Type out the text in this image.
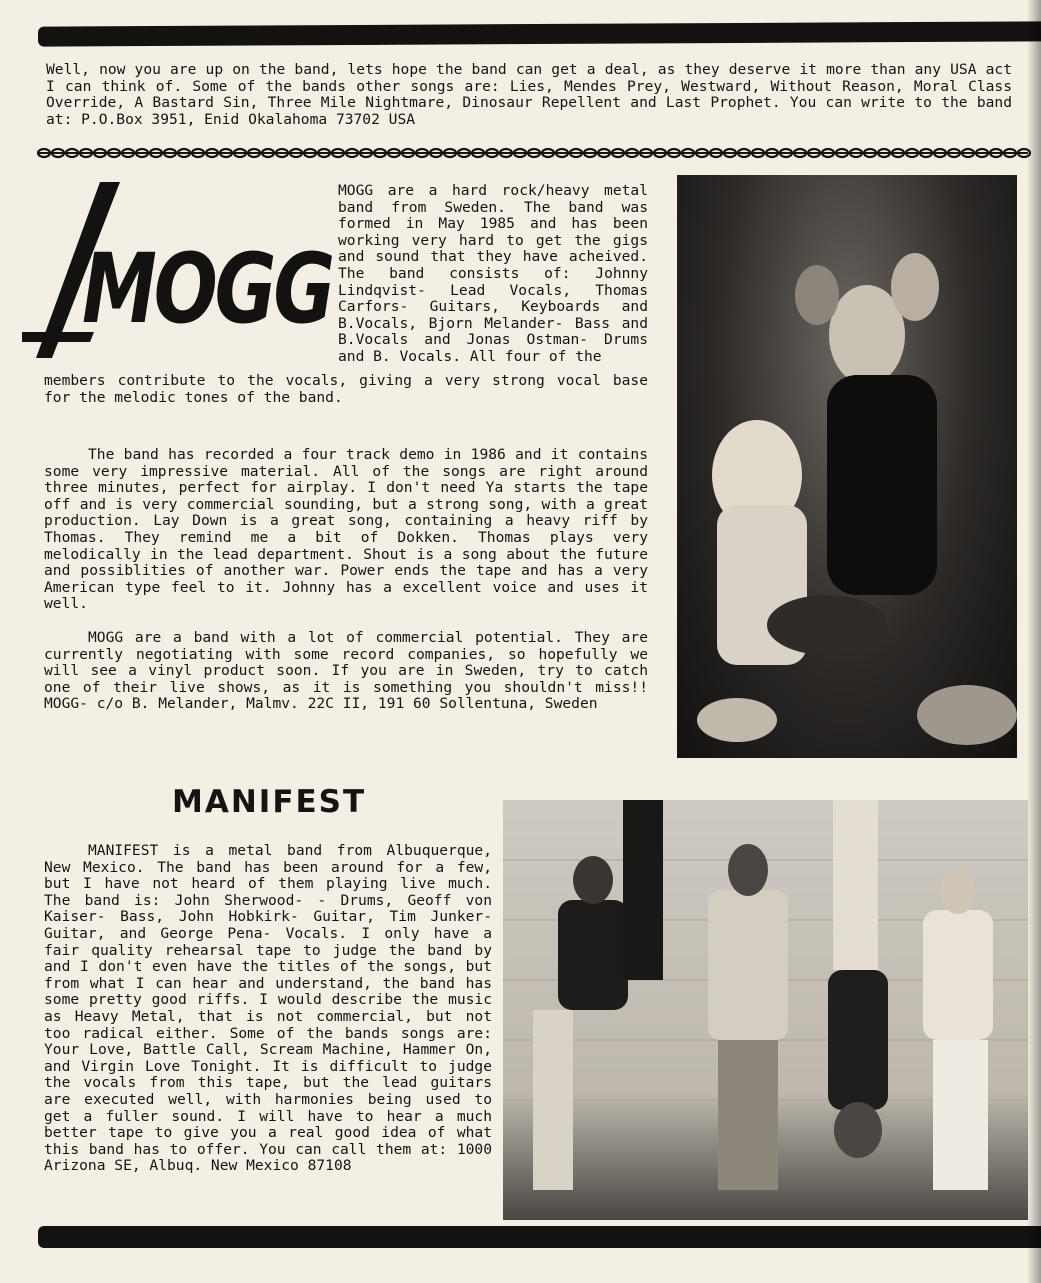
Well, now you are up on the band, lets hope the band can get a deal, as they deserve it more than any USA act I can think of. Some of the bands other songs are: Lies, Mendes Prey, Westward, Without Reason, Moral Class Override, A Bastard Sin, Three Mile Nightmare, Dinosaur Repellent and Last Prophet. You can write to the band at: P.O.Box 3951, Enid Okalahoma 73702 USA

MOGG

MOGG are a hard rock/heavy metal band from Sweden. The band was formed in May 1985 and has been working very hard to get the gigs and sound that they have acheived. The band consists of: Johnny Lindqvist- Lead Vocals, Thomas Carfors- Guitars, Keyboards and B.Vocals, Bjorn Melander- Bass and B.Vocals and Jonas Ostman- Drums and B. Vocals. All four of the

members contribute to the vocals, giving a very strong vocal base for the melodic tones of the band.

The band has recorded a four track demo in 1986 and it contains some very impressive material. All of the songs are right around three minutes, perfect for airplay. I don't need Ya starts the tape off and is very commercial sounding, but a strong song, with a great production. Lay Down is a great song, containing a heavy riff by Thomas. They remind me a bit of Dokken. Thomas plays very melodically in the lead department. Shout is a song about the future and possiblities of another war. Power ends the tape and has a very American type feel to it. Johnny has a excellent voice and uses it well.

MOGG are a band with a lot of commercial potential. They are currently negotiating with some record companies, so hopefully we will see a vinyl product soon. If you are in Sweden, try to catch one of their live shows, as it is something you shouldn't miss!! MOGG- c/o B. Melander, Malmv. 22C II, 191 60 Sollentuna, Sweden

MANIFEST

MANIFEST is a metal band from Albuquerque, New Mexico. The band has been around for a few, but I have not heard of them playing live much. The band is: John Sherwood- - Drums, Geoff von Kaiser- Bass, John Hobkirk- Guitar, Tim Junker- Guitar, and George Pena- Vocals. I only have a fair quality rehearsal tape to judge the band by and I don't even have the titles of the songs, but from what I can hear and understand, the band has some pretty good riffs. I would describe the music as Heavy Metal, that is not commercial, but not too radical either. Some of the bands songs are: Your Love, Battle Call, Scream Machine, Hammer On, and Virgin Love Tonight. It is difficult to judge the vocals from this tape, but the lead guitars are executed well, with harmonies being used to get a fuller sound. I will have to hear a much better tape to give you a real good idea of what this band has to offer. You can call them at: 1000 Arizona SE, Albuq. New Mexico 87108
